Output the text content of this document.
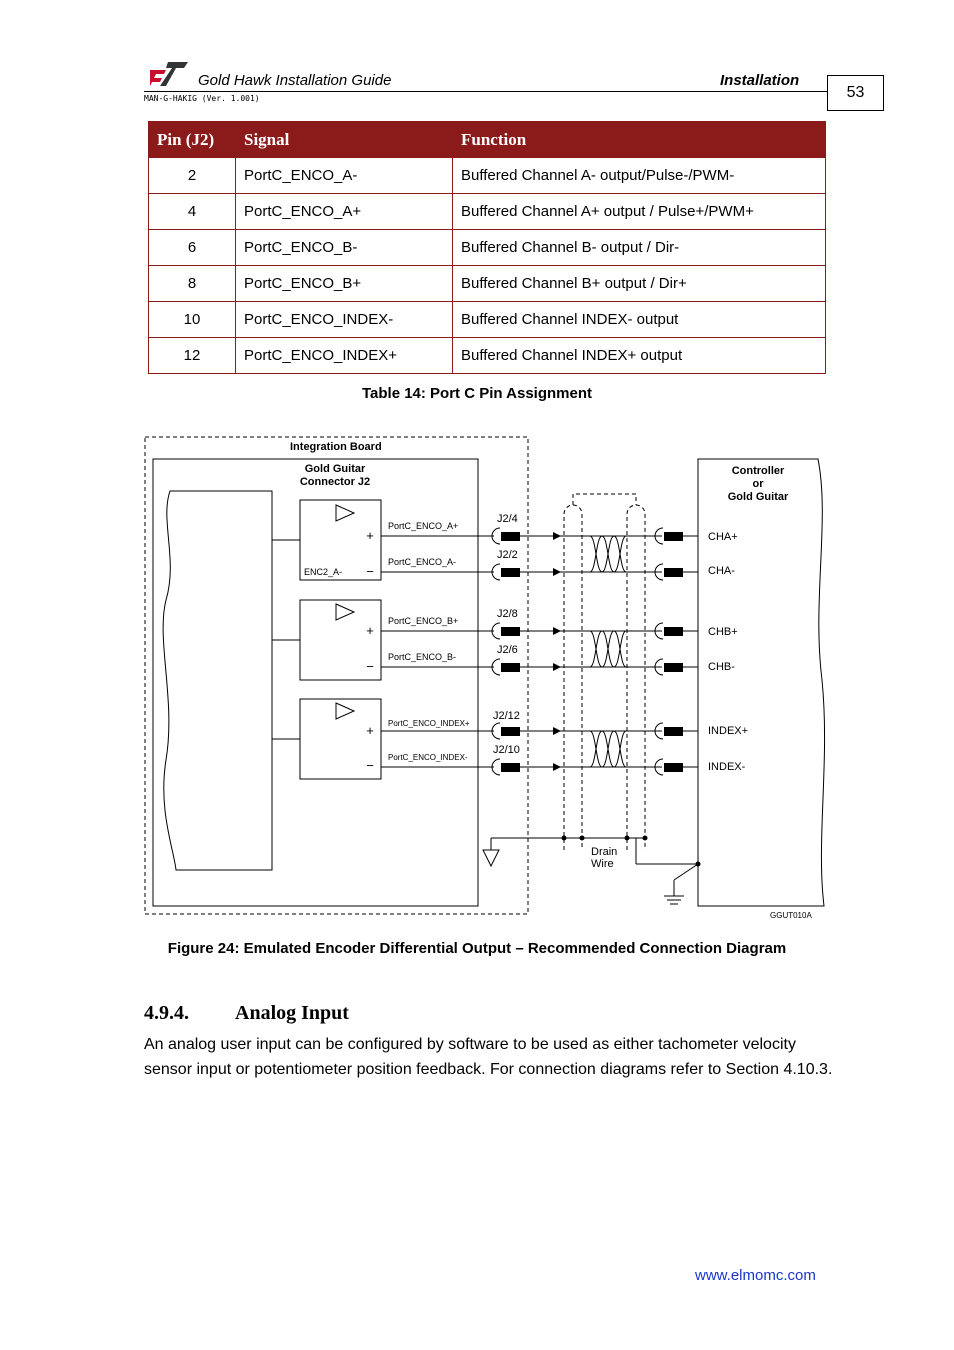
Gold Hawk Installation Guide	Installation
MAN-G-HAKIG (Ver. 1.001)	53
Pin (J2)	Signal	Function
2	PortC_ENCO_A-	Buffered Channel A- output/Pulse-/PWM-
4	PortC_ENCO_A+	Buffered Channel A+ output / Pulse+/PWM+
6	PortC_ENCO_B-	Buffered Channel B- output / Dir-
8	PortC_ENCO_B+	Buffered Channel B+ output / Dir+
10	PortC_ENCO_INDEX-	Buffered Channel INDEX- output
12	PortC_ENCO_INDEX+	Buffered Channel INDEX+ output
Table 14: Port C Pin Assignment
Integration Board
Gold Guitar
Connector J2
Controller
or
Gold Guitar
+
−
ENC2_A-
+
−
+
−
PortC_ENCO_A+
PortC_ENCO_A-
PortC_ENCO_B+
PortC_ENCO_B-
PortC_ENCO_INDEX+
PortC_ENCO_INDEX-
J2/4
J2/2
J2/8
J2/6
J2/12
J2/10
Drain
Wire
CHA+
CHA-
CHB+
CHB-
INDEX+
INDEX-
GGUT010A
Figure 24: Emulated Encoder Differential Output – Recommended Connection Diagram
4.9.4. Analog Input
An analog user input can be configured by software to be used as either tachometer velocity sensor input or potentiometer position feedback. For connection diagrams refer to Section 4.10.3.
www.elmomc.com
